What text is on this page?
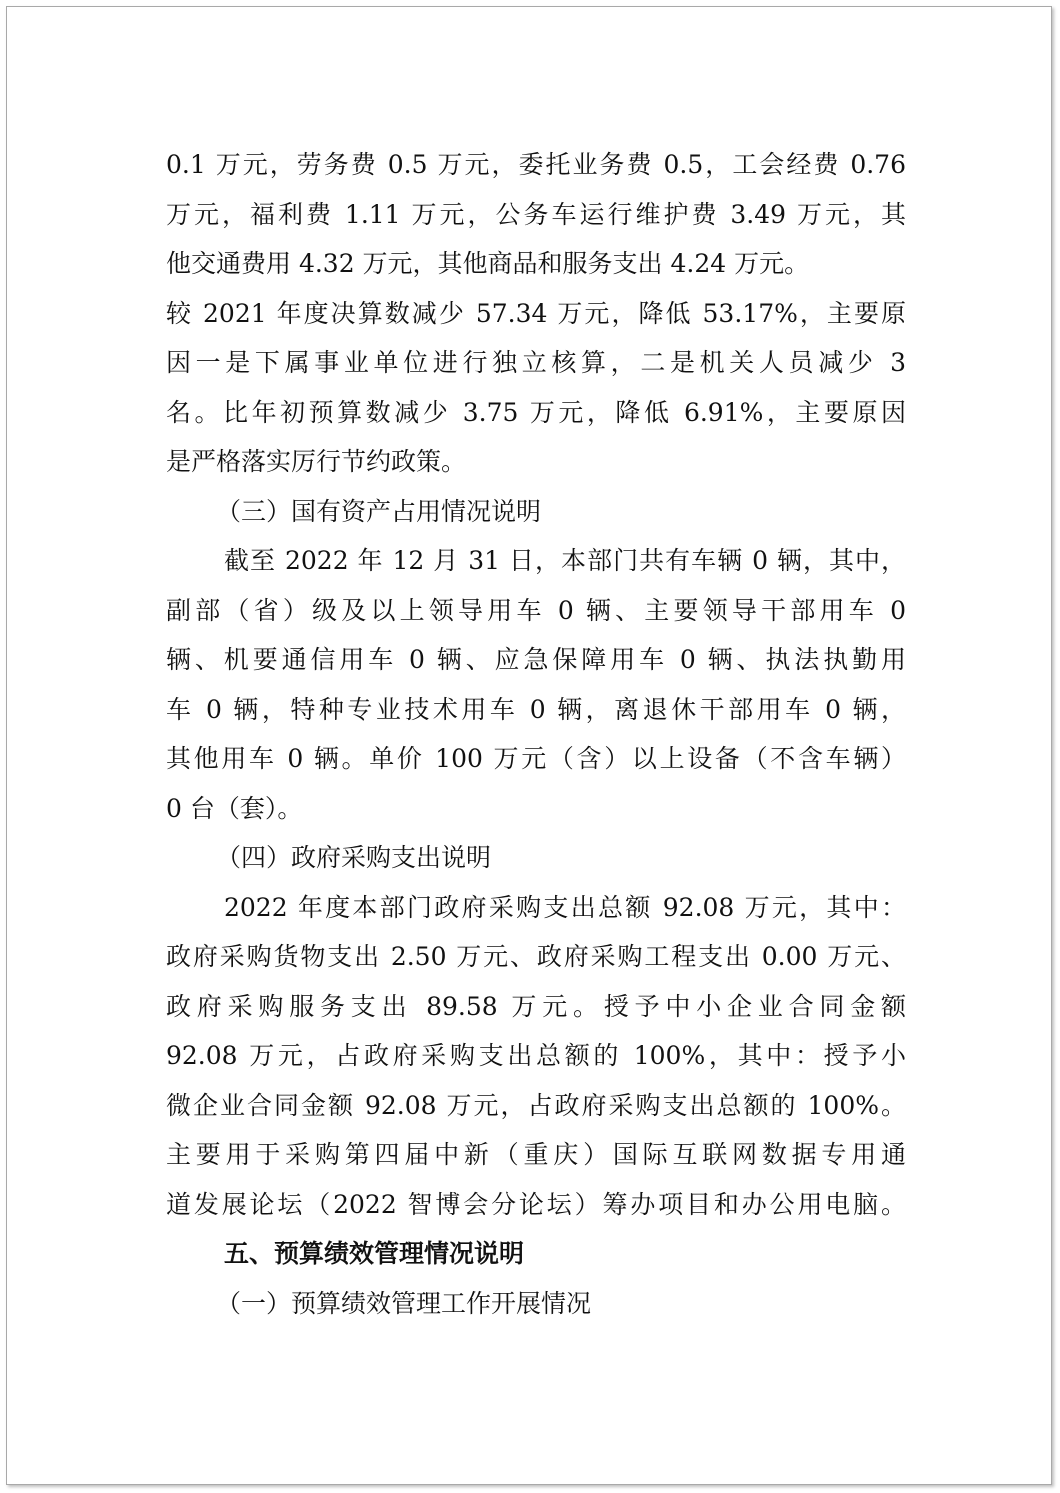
0.1 万元，劳务费 0.5 万元，委托业务费 0.5，工会经费 0.76
万元，福利费 1.11 万元，公务车运行维护费 3.49 万元，其
他交通费用 4.32 万元，其他商品和服务支出 4.24 万元。
较 2021 年度决算数减少 57.34 万元，降低 53.17%，主要原
因一是下属事业单位进行独立核算，二是机关人员减少 3
名。比年初预算数减少 3.75 万元，降低 6.91%，主要原因
是严格落实厉行节约政策。
（三）国有资产占用情况说明
截至 2022 年 12 月 31 日，本部门共有车辆 0 辆，其中，
副部（省）级及以上领导用车 0 辆、主要领导干部用车 0
辆、机要通信用车 0 辆、应急保障用车 0 辆、执法执勤用
车 0 辆，特种专业技术用车 0 辆，离退休干部用车 0 辆，
其他用车 0 辆。单价 100 万元（含）以上设备（不含车辆）
0 台（套）。
（四）政府采购支出说明
2022 年度本部门政府采购支出总额 92.08 万元，其中：
政府采购货物支出 2.50 万元、政府采购工程支出 0.00 万元、
政府采购服务支出 89.58 万元。授予中小企业合同金额
92.08 万元，占政府采购支出总额的 100%，其中：授予小
微企业合同金额 92.08 万元，占政府采购支出总额的 100%。
主要用于采购第四届中新（重庆）国际互联网数据专用通
道发展论坛（2022 智博会分论坛）筹办项目和办公用电脑。
五、预算绩效管理情况说明
（一）预算绩效管理工作开展情况
